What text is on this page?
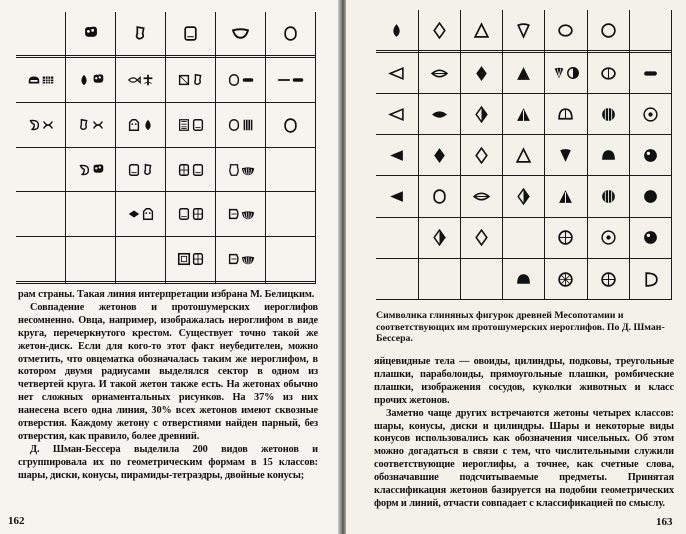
рам страны. Такая линия интерпретации избрана М. Белицким.

Совпадение жетонов и протошумерских иероглифов несомненно. Овца, например, изображалась иероглифом в виде круга, перечеркнутого крестом. Существует точно такой же жетон-диск. Если для кого-то этот факт неубедителен, можно отметить, что овцематка обозначалась таким же иероглифом, в котором двумя радиусами выделялся сектор в одном из четвертей круга. И такой жетон также есть. На жетонах обычно нет сложных орнаментальных рисунков. На 37% из них нанесена всего одна линия, 30% всех жетонов имеют сквозные отверстия. Каждому жетону с отверстиями найден парный, без отверстия, как правило, более древний.

Д. Шман-Бессера выделила 200 видов жетонов и сгруппировала их по геометрическим формам в 15 классов: шары, диски, конусы, пирамиды-тетраэдры, двойные конусы;

162

Символика глиняных фигурок древней Месопотамии и соответствующих им протошумерских иероглифов. По Д. Шман-Бессера.

яйцевидные тела — овоиды, цилиндры, подковы, треугольные плашки, параболоиды, прямоугольные плашки, ромбические плашки, изображения сосудов, куколки животных и класс прочих жетонов.

Заметно чаще других встречаются жетоны четырех классов: шары, конусы, диски и цилиндры. Шары и некоторые виды конусов использовались как обозначения чисельных. Об этом можно догадаться в связи с тем, что числительными служили соответствующие иероглифы, а точнее, как счетные слова, обозначавшие подсчитываемые предметы. Принятая классификация жетонов базируется на подобии геометрических форм и линий, отчасти совпадает с классификацией по смыслу.

163
